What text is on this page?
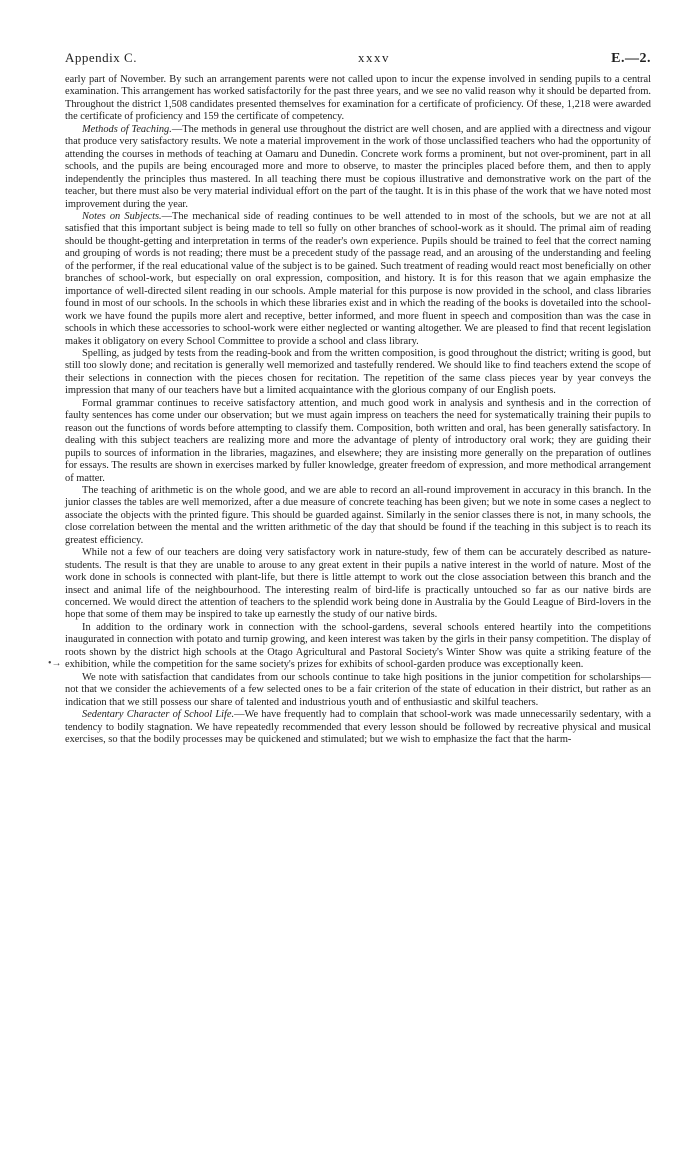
•→
Appendix C.	xxxv	E.—2.

early part of November. By such an arrangement parents were not called upon to incur the expense involved in sending pupils to a central examination. This arrangement has worked satisfactorily for the past three years, and we see no valid reason why it should be departed from. Throughout the district 1,508 candidates presented themselves for examination for a certificate of proficiency. Of these, 1,218 were awarded the certificate of proficiency and 159 the certificate of competency.

Methods of Teaching.—The methods in general use throughout the district are well chosen, and are applied with a directness and vigour that produce very satisfactory results. We note a material improvement in the work of those unclassified teachers who had the opportunity of attending the courses in methods of teaching at Oamaru and Dunedin. Concrete work forms a prominent, but not over-prominent, part in all schools, and the pupils are being encouraged more and more to observe, to master the principles placed before them, and then to apply independently the principles thus mastered. In all teaching there must be copious illustrative and demonstrative work on the part of the teacher, but there must also be very material individual effort on the part of the taught. It is in this phase of the work that we have noted most improvement during the year.

Notes on Subjects.—The mechanical side of reading continues to be well attended to in most of the schools, but we are not at all satisfied that this important subject is being made to tell so fully on other branches of school-work as it should. The primal aim of reading should be thought-getting and interpretation in terms of the reader's own experience. Pupils should be trained to feel that the correct naming and grouping of words is not reading; there must be a precedent study of the passage read, and an arousing of the understanding and feeling of the performer, if the real educational value of the subject is to be gained. Such treatment of reading would react most beneficially on other branches of school-work, but especially on oral expression, composition, and history. It is for this reason that we again emphasize the importance of well-directed silent reading in our schools. Ample material for this purpose is now provided in the school, and class libraries found in most of our schools. In the schools in which these libraries exist and in which the reading of the books is dovetailed into the school-work we have found the pupils more alert and receptive, better informed, and more fluent in speech and composition than was the case in schools in which these accessories to school-work were either neglected or wanting altogether. We are pleased to find that recent legislation makes it obligatory on every School Committee to provide a school and class library.

Spelling, as judged by tests from the reading-book and from the written composition, is good throughout the district; writing is good, but still too slowly done; and recitation is generally well memorized and tastefully rendered. We should like to find teachers extend the scope of their selections in connection with the pieces chosen for recitation. The repetition of the same class pieces year by year conveys the impression that many of our teachers have but a limited acquaintance with the glorious company of our English poets.

Formal grammar continues to receive satisfactory attention, and much good work in analysis and synthesis and in the correction of faulty sentences has come under our observation; but we must again impress on teachers the need for systematically training their pupils to reason out the functions of words before attempting to classify them. Composition, both written and oral, has been generally satisfactory. In dealing with this subject teachers are realizing more and more the advantage of plenty of introductory oral work; they are guiding their pupils to sources of information in the libraries, magazines, and elsewhere; they are insisting more generally on the preparation of outlines for essays. The results are shown in exercises marked by fuller knowledge, greater freedom of expression, and more methodical arrangement of matter.

The teaching of arithmetic is on the whole good, and we are able to record an all-round improvement in accuracy in this branch. In the junior classes the tables are well memorized, after a due measure of concrete teaching has been given; but we note in some cases a neglect to associate the objects with the printed figure. This should be guarded against. Similarly in the senior classes there is not, in many schools, the close correlation between the mental and the written arithmetic of the day that should be found if the teaching in this subject is to reach its greatest efficiency.

While not a few of our teachers are doing very satisfactory work in nature-study, few of them can be accurately described as nature-students. The result is that they are unable to arouse to any great extent in their pupils a native interest in the world of nature. Most of the work done in schools is connected with plant-life, but there is little attempt to work out the close association between this branch and the insect and animal life of the neighbourhood. The interesting realm of bird-life is practically untouched so far as our native birds are concerned. We would direct the attention of teachers to the splendid work being done in Australia by the Gould League of Bird-lovers in the hope that some of them may be inspired to take up earnestly the study of our native birds.

In addition to the ordinary work in connection with the school-gardens, several schools entered heartily into the competitions inaugurated in connection with potato and turnip growing, and keen interest was taken by the girls in their pansy competition. The display of roots shown by the district high schools at the Otago Agricultural and Pastoral Society's Winter Show was quite a striking feature of the exhibition, while the competition for the same society's prizes for exhibits of school-garden produce was exceptionally keen.

We note with satisfaction that candidates from our schools continue to take high positions in the junior competition for scholarships—not that we consider the achievements of a few selected ones to be a fair criterion of the state of education in their district, but rather as an indication that we still possess our share of talented and industrious youth and of enthusiastic and skilful teachers.

Sedentary Character of School Life.—We have frequently had to complain that school-work was made unnecessarily sedentary, with a tendency to bodily stagnation. We have repeatedly recommended that every lesson should be followed by recreative physical and musical exercises, so that the bodily processes may be quickened and stimulated; but we wish to emphasize the fact that the harm-
